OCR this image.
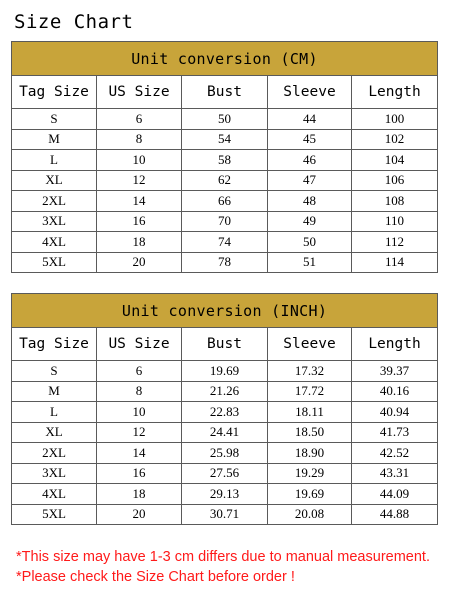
Size Chart
Unit conversion (CM)				
Tag Size	US Size	Bust	Sleeve	Length
S	6	50	44	100
M	8	54	45	102
L	10	58	46	104
XL	12	62	47	106
2XL	14	66	48	108
3XL	16	70	49	110
4XL	18	74	50	112
5XL	20	78	51	114
Unit conversion (INCH)				
Tag Size	US Size	Bust	Sleeve	Length
S	6	19.69	17.32	39.37
M	8	21.26	17.72	40.16
L	10	22.83	18.11	40.94
XL	12	24.41	18.50	41.73
2XL	14	25.98	18.90	42.52
3XL	16	27.56	19.29	43.31
4XL	18	29.13	19.69	44.09
5XL	20	30.71	20.08	44.88
*This size may have 1-3 cm differs due to manual measurement.
*Please check the Size Chart before order !
